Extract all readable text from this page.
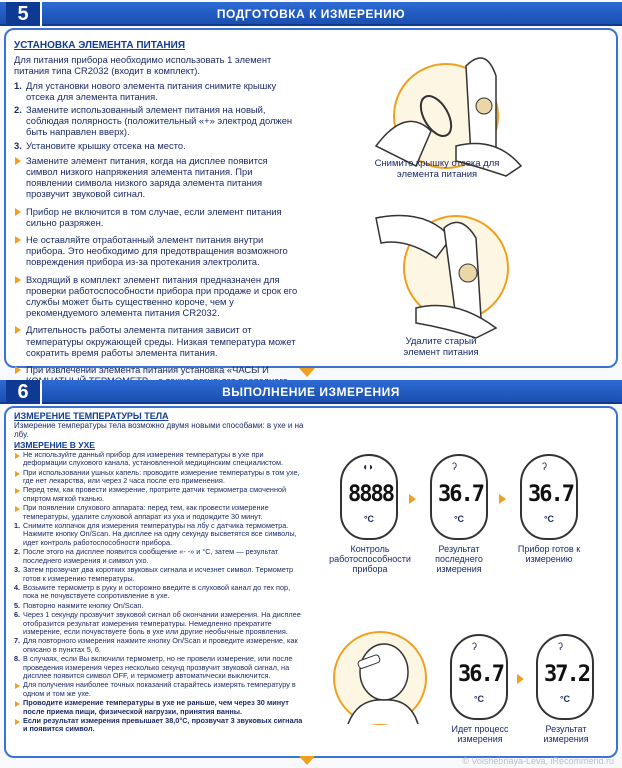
5	ПОДГОТОВКА К ИЗМЕРЕНИЮ
УСТАНОВКА ЭЛЕМЕНТА ПИТАНИЯ
Для питания прибора необходимо использовать 1 элемент питания типа CR2032 (входит в комплект).
1. Для установки нового элемента питания снимите крышку отсека для элемента питания.
2. Замените использованный элемент питания на новый, соблюдая полярность (положительный «+» электрод должен быть направлен вверх).
3. Установите крышку отсека на место.
Замените элемент питания, когда на дисплее появится символ низкого напряжения элемента питания. При появлении символа низкого заряда элемента питания прозвучит звуковой сигнал.
Прибор не включится в том случае, если элемент питания сильно разряжен.
Не оставляйте отработанный элемент питания внутри прибора. Это необходимо для предотвращения возможного повреждения прибора из-за протекания электролита.
Входящий в комплект элемент питания предназначен для проверки работоспособности прибора при продаже и срок его службы может быть существенно короче, чем у рекомендуемого элемента питания CR2032.
Длительность работы элемента питания зависит от температуры окружающей среды. Низкая температура может сократить время работы элемента питания.
При извлечении элемента питания установка «ЧАСЫ И
Снимите крышку отсека для элемента питания
Удалите старый элемент питания
6	ВЫПОЛНЕНИЕ ИЗМЕРЕНИЯ
ИЗМЕРЕНИЕ ТЕМПЕРАТУРЫ ТЕЛА
Измерение температуры тела возможно двумя новыми способами: в ухе и на лбу.
ИЗМЕРЕНИЕ В УХЕ
Не используйте данный прибор для измерения температуры в ухе при деформации слухового канала, установленной медицинским специалистом.
При использовании ушных капель: проводите измерение температуры в том ухе, где нет лекарства, или через 2 часа после его применения.
Перед тем, как провести измерение, протрите датчик термометра смоченной спиртом мягкой тканью.
При появлении слухового аппарата: перед тем, как провести измерение температуры, удалите слуховой аппарат из уха и подождите 30 минут.
1. Снимите колпачок для измерения температуры на лбу с датчика термометра. Нажмите кнопку On/Scan. На дисплее на одну секунду высветятся все символы, идет контроль работоспособности прибора.
2. После этого на дисплее появится сообщение «- -» и °C, затем — результат последнего измерения и символ ухо.
3. Затем прозвучат два коротких звуковых сигнала и исчезнет символ. Термометр готов к измерению температуры.
4. Возьмите термометр в руку и осторожно введите в слуховой канал до тех пор, пока не почувствуете сопротивление в ухе.
5. Повторно нажмите кнопку On/Scan.
6. Через 1 секунду прозвучит звуковой сигнал об окончании измерения. На дисплее отобразится результат измерения температуры. Немедленно прекратите измерение, если почувствуете боль в ухе или другие необычные проявления.
7. Для повторного измерения нажмите кнопку On/Scan и проведите измерение, как описано в пунктах 5, 6.
8. В случаях, если Вы включили термометр, но не провели измерение, или после проведения измерения через несколько секунд прозвучит звуковой сигнал, на дисплее появится символ OFF, и термометр автоматически выключится.
Для получения наиболее точных показаний старайтесь измерять температуру в одном и том же ухе.
Проводите измерение температуры в ухе не раньше, чем через 30 минут после приема пищи, физической нагрузки, принятия ванны.
Если результат измерения превышает 38,0°C, прозвучат 3 звуковых сигнала и появится символ.
◖◗
8888
°C
Контроль работоспособности прибора
ʔ
36.7
°C
Результат последнего измерения
ʔ
36.7
°C
Прибор готов к измерению
ʔ
36.7
°C
Идет процесс измерения
ʔ
37.2
°C
Результат измерения
© Volshebnaya-Leva, iRecommend.ru
